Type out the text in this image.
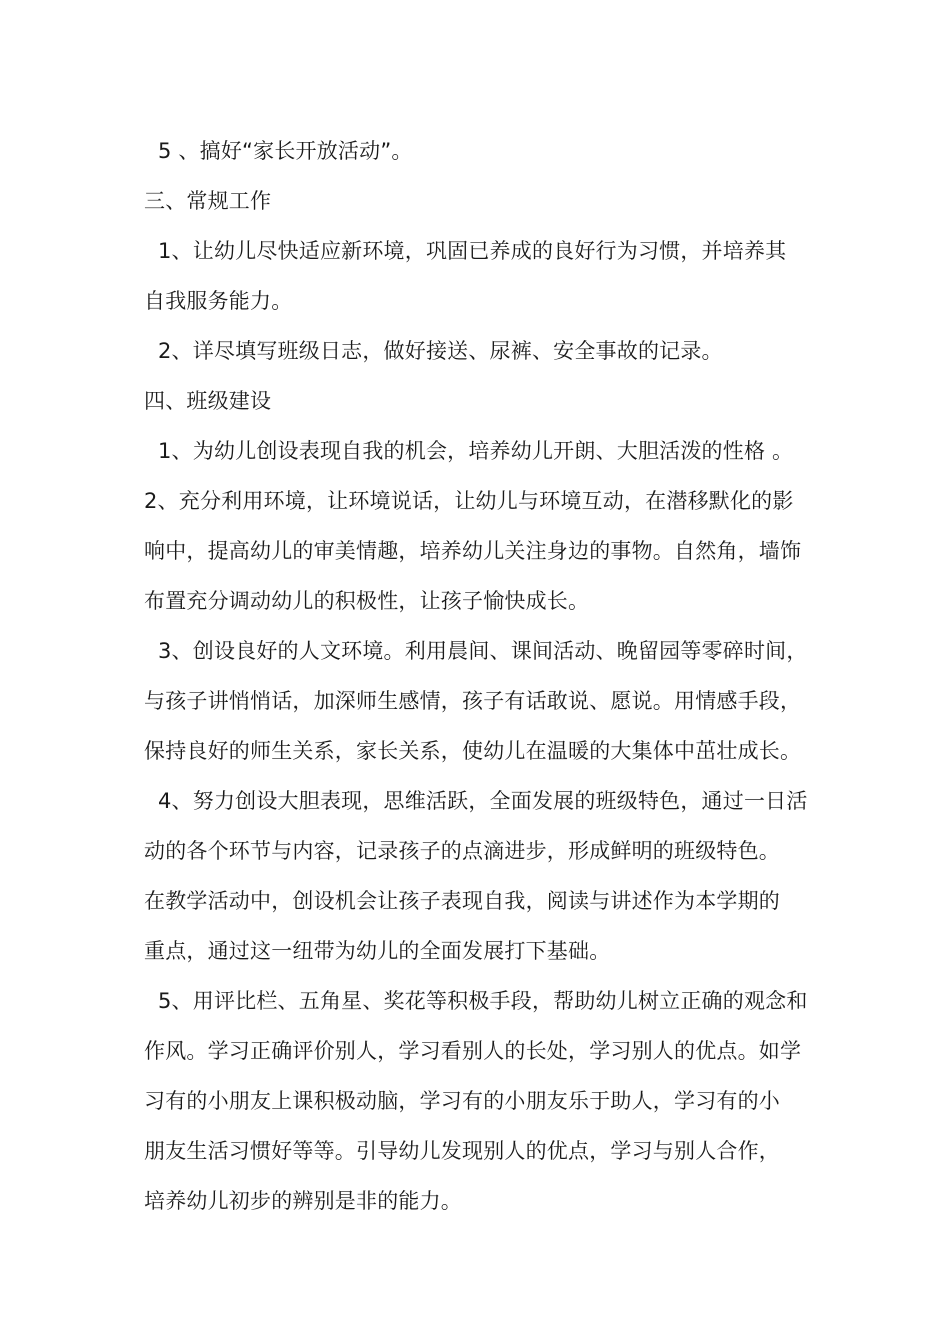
5 、搞好“家长开放活动”。
三、常规工作
1、让幼儿尽快适应新环境，巩固已养成的良好行为习惯，并培养其
自我服务能力。
2、详尽填写班级日志，做好接送、尿裤、安全事故的记录。
四、班级建设
1、为幼儿创设表现自我的机会，培养幼儿开朗、大胆活泼的性格 。
2、充分利用环境，让环境说话，让幼儿与环境互动，在潜移默化的影
响中，提高幼儿的审美情趣，培养幼儿关注身边的事物。自然角，墙饰
布置充分调动幼儿的积极性，让孩子愉快成长。
3、创设良好的人文环境。利用晨间、课间活动、晚留园等零碎时间，
与孩子讲悄悄话，加深师生感情，孩子有话敢说、愿说。用情感手段，
保持良好的师生关系，家长关系，使幼儿在温暖的大集体中茁壮成长。
4、努力创设大胆表现，思维活跃，全面发展的班级特色，通过一日活
动的各个环节与内容，记录孩子的点滴进步，形成鲜明的班级特色。
在教学活动中，创设机会让孩子表现自我，阅读与讲述作为本学期的
重点，通过这一纽带为幼儿的全面发展打下基础。
5、用评比栏、五角星、奖花等积极手段，帮助幼儿树立正确的观念和
作风。学习正确评价别人，学习看别人的长处，学习别人的优点。如学
习有的小朋友上课积极动脑，学习有的小朋友乐于助人，学习有的小
朋友生活习惯好等等。引导幼儿发现别人的优点，学习与别人合作，
培养幼儿初步的辨别是非的能力。
